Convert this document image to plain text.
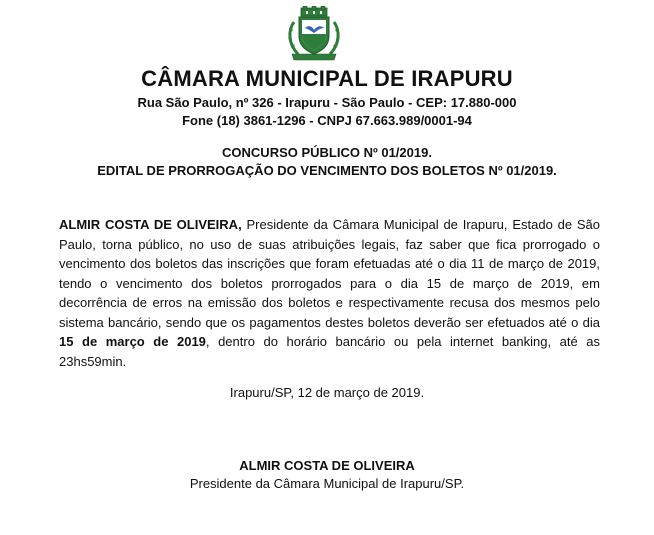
CÂMARA MUNICIPAL DE IRAPURU
Rua São Paulo, nº 326 - Irapuru - São Paulo - CEP: 17.880-000
Fone (18) 3861-1296 - CNPJ 67.663.989/0001-94
CONCURSO PÚBLICO Nº 01/2019.
EDITAL DE PRORROGAÇÃO DO VENCIMENTO DOS BOLETOS Nº 01/2019.
ALMIR COSTA DE OLIVEIRA, Presidente da Câmara Municipal de Irapuru, Estado de São Paulo, torna público, no uso de suas atribuições legais, faz saber que fica prorrogado o vencimento dos boletos das inscrições que foram efetuadas até o dia 11 de março de 2019, tendo o vencimento dos boletos prorrogados para o dia 15 de março de 2019, em decorrência de erros na emissão dos boletos e respectivamente recusa dos mesmos pelo sistema bancário, sendo que os pagamentos destes boletos deverão ser efetuados até o dia 15 de março de 2019, dentro do horário bancário ou pela internet banking, até as 23hs59min.
Irapuru/SP, 12 de março de 2019.
ALMIR COSTA DE OLIVEIRA
Presidente da Câmara Municipal de Irapuru/SP.
